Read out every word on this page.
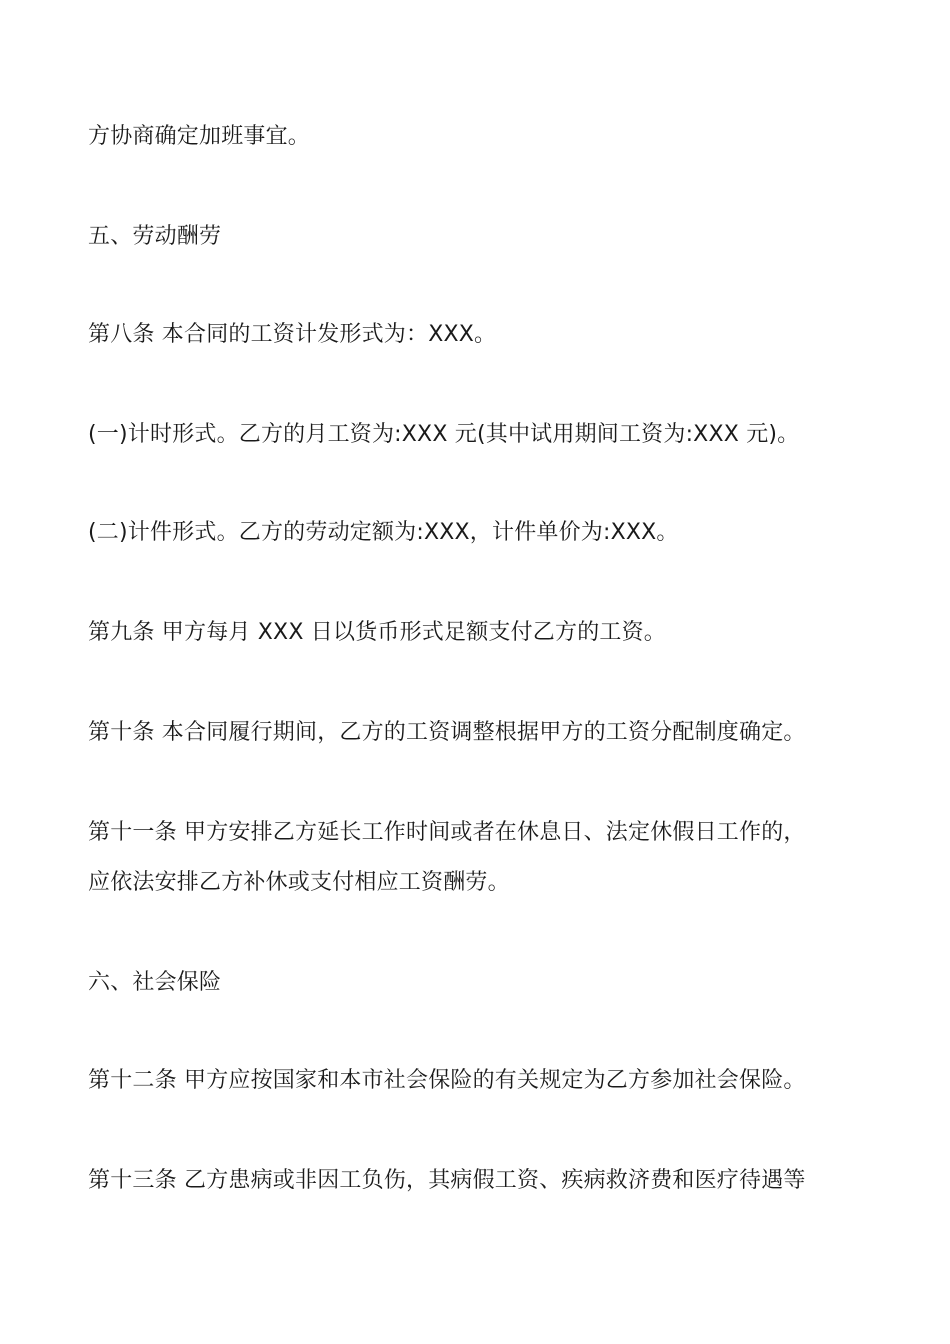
方协商确定加班事宜。
五、劳动酬劳
第八条 本合同的工资计发形式为：XXX。
(一)计时形式。乙方的月工资为:XXX 元(其中试用期间工资为:XXX 元)。
(二)计件形式。乙方的劳动定额为:XXX，计件单价为:XXX。
第九条 甲方每月 XXX 日以货币形式足额支付乙方的工资。
第十条 本合同履行期间，乙方的工资调整根据甲方的工资分配制度确定。
第十一条 甲方安排乙方延长工作时间或者在休息日、法定休假日工作的，
应依法安排乙方补休或支付相应工资酬劳。
六、社会保险
第十二条 甲方应按国家和本市社会保险的有关规定为乙方参加社会保险。
第十三条 乙方患病或非因工负伤，其病假工资、疾病救济费和医疗待遇等
